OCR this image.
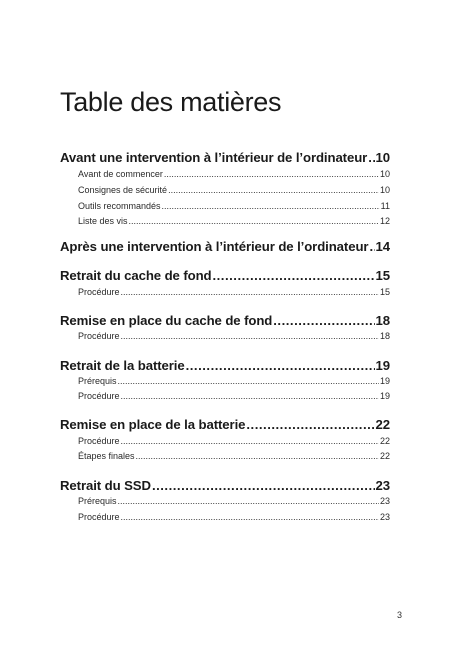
Table des matières
Avant une intervention à l’intérieur de l’ordinateur ..... 10
Avant de commencer .....	10
Consignes de sécurité .....	10
Outils recommandés .....	11
Liste des vis .....	12
Après une intervention à l’intérieur de l’ordinateur ..... 14
Retrait du cache de fond .....	15
Procédure .....	15
Remise en place du cache de fond .....	18
Procédure .....	18
Retrait de la batterie .....	19
Prérequis .....	19
Procédure .....	19
Remise en place de la batterie .....	22
Procédure .....	22
Étapes finales .....	22
Retrait du SSD .....	23
Prérequis .....	23
Procédure .....	23
3
